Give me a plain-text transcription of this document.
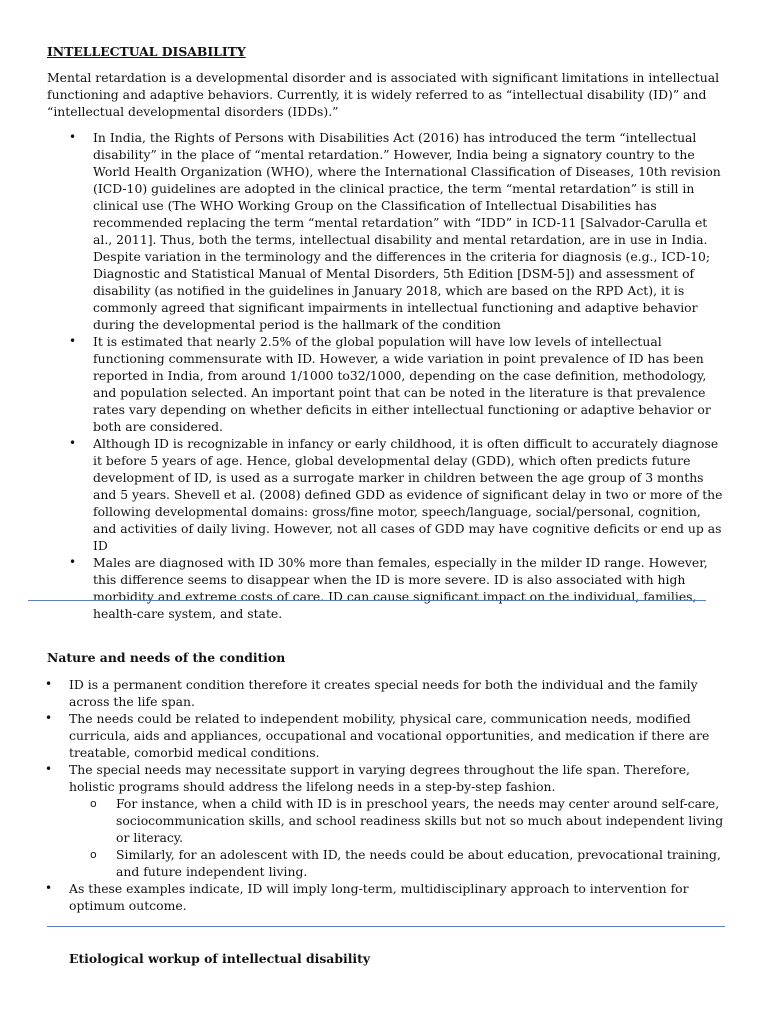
INTELLECTUAL DISABILITY

Mental retardation is a developmental disorder and is associated with significant limitations in intellectual functioning and adaptive behaviors. Currently, it is widely referred to as “intellectual disability (ID)” and “intellectual developmental disorders (IDDs).”

• In India, the Rights of Persons with Disabilities Act (2016) has introduced the term “intellectual disability” in the place of “mental retardation.” However, India being a signatory country to the World Health Organization (WHO), where the International Classification of Diseases, 10th revision (ICD-10) guidelines are adopted in the clinical practice, the term “mental retardation” is still in clinical use (The WHO Working Group on the Classification of Intellectual Disabilities has recommended replacing the term “mental retardation” with “IDD” in ICD-11 [Salvador-Carulla et al., 2011]. Thus, both the terms, intellectual disability and mental retardation, are in use in India. Despite variation in the terminology and the differences in the criteria for diagnosis (e.g., ICD-10; Diagnostic and Statistical Manual of Mental Disorders, 5th Edition [DSM-5]) and assessment of disability (as notified in the guidelines in January 2018, which are based on the RPD Act), it is commonly agreed that significant impairments in intellectual functioning and adaptive behavior during the developmental period is the hallmark of the condition
• It is estimated that nearly 2.5% of the global population will have low levels of intellectual functioning commensurate with ID. However, a wide variation in point prevalence of ID has been reported in India, from around 1/1000 to32/1000, depending on the case definition, methodology, and population selected. An important point that can be noted in the literature is that prevalence rates vary depending on whether deficits in either intellectual functioning or adaptive behavior or both are considered.
• Although ID is recognizable in infancy or early childhood, it is often difficult to accurately diagnose it before 5 years of age. Hence, global developmental delay (GDD), which often predicts future development of ID, is used as a surrogate marker in children between the age group of 3 months and 5 years. Shevell et al. (2008) defined GDD as evidence of significant delay in two or more of the following developmental domains: gross/fine motor, speech/language, social/personal, cognition, and activities of daily living. However, not all cases of GDD may have cognitive deficits or end up as ID
• Males are diagnosed with ID 30% more than females, especially in the milder ID range. However, this difference seems to disappear when the ID is more severe. ID is also associated with high morbidity and extreme costs of care. ID can cause significant impact on the individual, families, health-care system, and state.
Nature and needs of the condition
• ID is a permanent condition therefore it creates special needs for both the individual and the family across the life span.
• The needs could be related to independent mobility, physical care, communication needs, modified curricula, aids and appliances, occupational and vocational opportunities, and medication if there are treatable, comorbid medical conditions.
• The special needs may necessitate support in varying degrees throughout the life span. Therefore, holistic programs should address the lifelong needs in a step-by-step fashion.
o For instance, when a child with ID is in preschool years, the needs may center around self-care, sociocommunication skills, and school readiness skills but not so much about independent living or literacy.
o Similarly, for an adolescent with ID, the needs could be about education, prevocational training, and future independent living.
• As these examples indicate, ID will imply long-term, multidisciplinary approach to intervention for optimum outcome.
Etiological workup of intellectual disability
